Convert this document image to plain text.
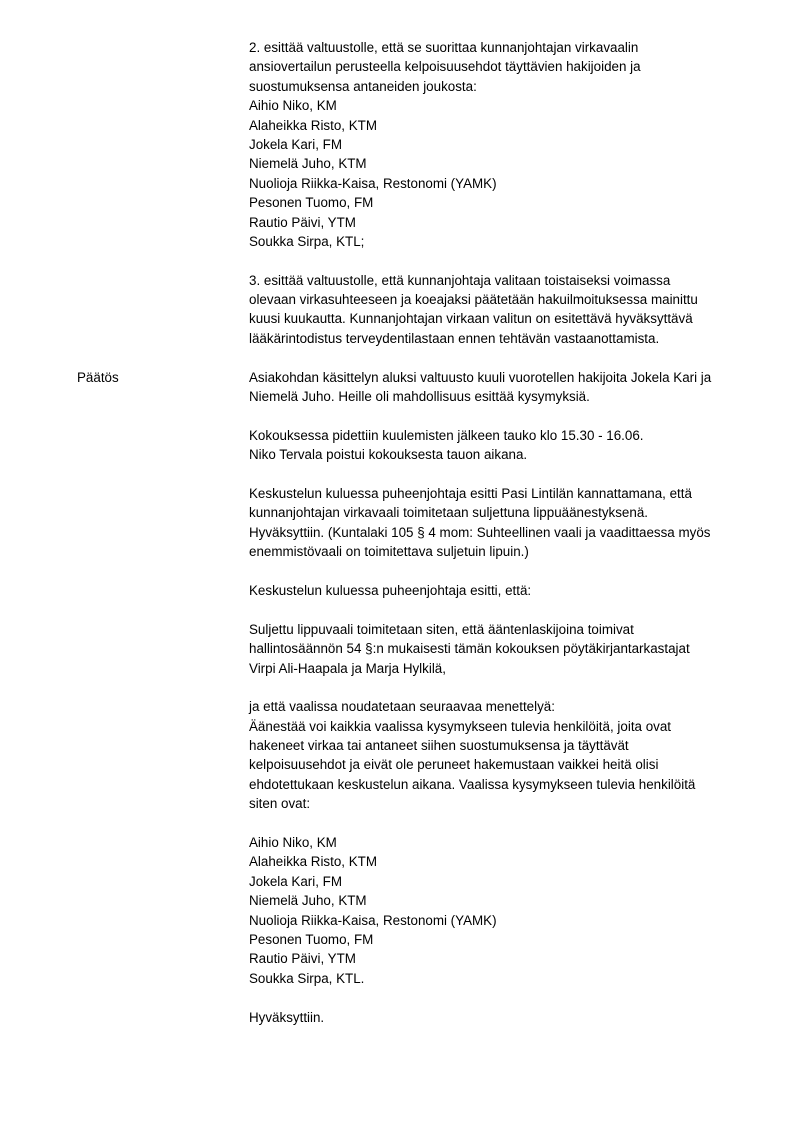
Päätös
2. esittää valtuustolle, että se suorittaa kunnanjohtajan virkavaalin
ansiovertailun perusteella kelpoisuusehdot täyttävien hakijoiden ja
suostumuksensa antaneiden joukosta:
Aihio Niko, KM
Alaheikka Risto, KTM
Jokela Kari, FM
Niemelä Juho, KTM
Nuolioja Riikka-Kaisa, Restonomi (YAMK)
Pesonen Tuomo, FM
Rautio Päivi, YTM
Soukka Sirpa, KTL;
3. esittää valtuustolle, että kunnanjohtaja valitaan toistaiseksi voimassa
olevaan virkasuhteeseen ja koeajaksi päätetään hakuilmoituksessa mainittu
kuusi kuukautta. Kunnanjohtajan virkaan valitun on esitettävä hyväksyttävä
lääkärintodistus terveydentilastaan ennen tehtävän vastaanottamista.
Asiakohdan käsittelyn aluksi valtuusto kuuli vuorotellen hakijoita Jokela Kari ja
Niemelä Juho. Heille oli mahdollisuus esittää kysymyksiä.
Kokouksessa pidettiin kuulemisten jälkeen tauko klo 15.30 - 16.06.
Niko Tervala poistui kokouksesta tauon aikana.
Keskustelun kuluessa puheenjohtaja esitti Pasi Lintilän kannattamana, että
kunnanjohtajan virkavaali toimitetaan suljettuna lippuäänestyksenä.
Hyväksyttiin. (Kuntalaki 105 § 4 mom: Suhteellinen vaali ja vaadittaessa myös
enemmistövaali on toimitettava suljetuin lipuin.)
Keskustelun kuluessa puheenjohtaja esitti, että:
Suljettu lippuvaali toimitetaan siten, että ääntenlaskijoina toimivat
hallintosäännön 54 §:n mukaisesti tämän kokouksen pöytäkirjantarkastajat
Virpi Ali-Haapala ja Marja Hylkilä,
ja että vaalissa noudatetaan seuraavaa menettelyä:
Äänestää voi kaikkia vaalissa kysymykseen tulevia henkilöitä, joita ovat
hakeneet virkaa tai antaneet siihen suostumuksensa ja täyttävät
kelpoisuusehdot ja eivät ole peruneet hakemustaan vaikkei heitä olisi
ehdotettukaan keskustelun aikana. Vaalissa kysymykseen tulevia henkilöitä
siten ovat:
Aihio Niko, KM
Alaheikka Risto, KTM
Jokela Kari, FM
Niemelä Juho, KTM
Nuolioja Riikka-Kaisa, Restonomi (YAMK)
Pesonen Tuomo, FM
Rautio Päivi, YTM
Soukka Sirpa, KTL.
Hyväksyttiin.
